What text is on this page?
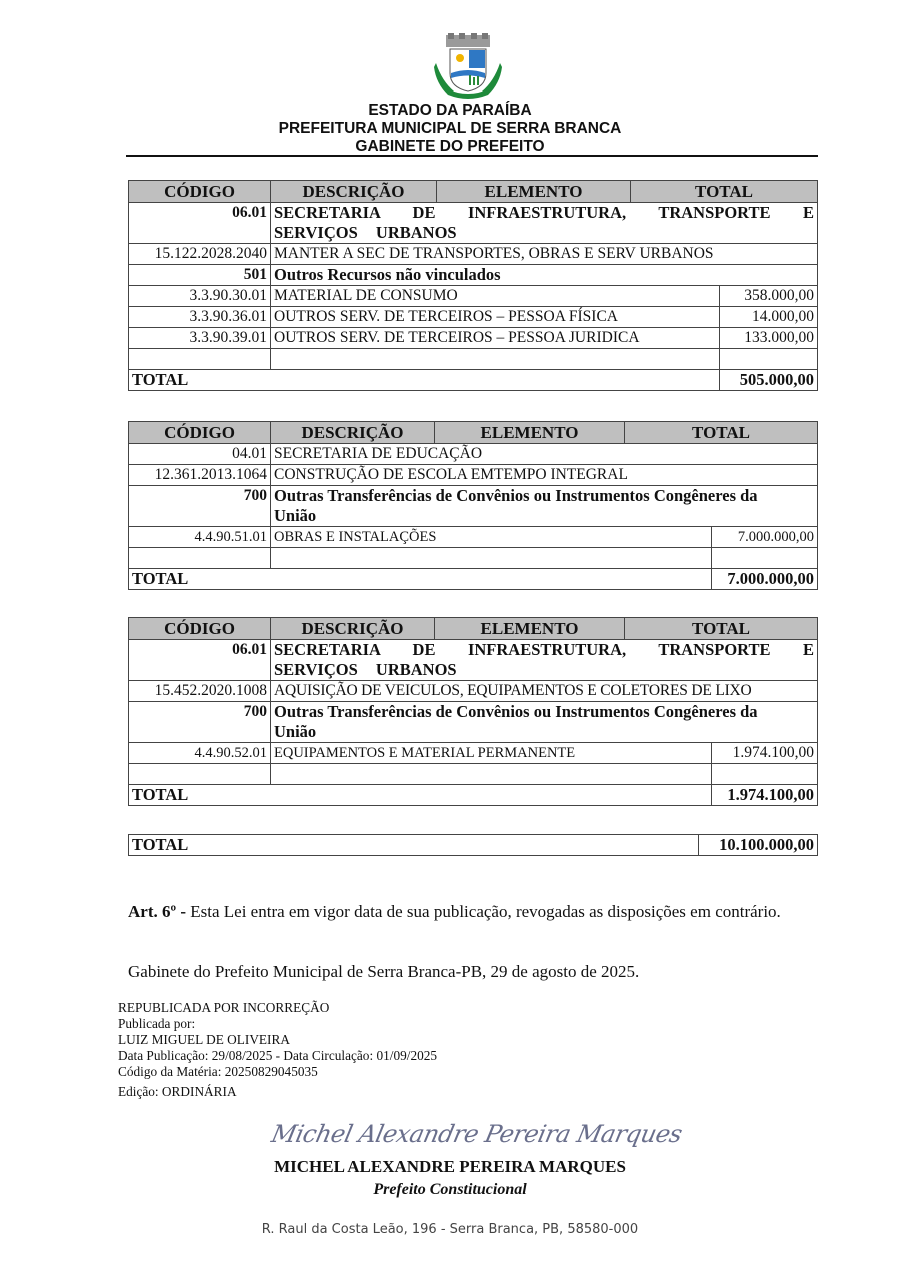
ESTADO DA PARAÍBA
PREFEITURA MUNICIPAL DE SERRA BRANCA
GABINETE DO PREFEITO
CÓDIGO	DESCRIÇÃO	ELEMENTO	TOTAL	
06.01	SECRETARIA DE INFRAESTRUTURA, TRANSPORTE E SERVIÇOS URBANOS			
15.122.2028.2040	MANTER A SEC DE TRANSPORTES, OBRAS E SERV URBANOS			
501	Outros Recursos não vinculados			
3.3.90.30.01	MATERIAL DE CONSUMO			358.000,00
3.3.90.36.01	OUTROS SERV. DE TERCEIROS – PESSOA FÍSICA			14.000,00
3.3.90.39.01	OUTROS SERV. DE TERCEIROS – PESSOA JURIDICA			133.000,00

TOTAL				505.000,00
CÓDIGO	DESCRIÇÃO	ELEMENTO	TOTAL	
04.01	SECRETARIA DE EDUCAÇÃO			
12.361.2013.1064	CONSTRUÇÃO DE ESCOLA EMTEMPO INTEGRAL			
700	Outras Transferências de Convênios ou Instrumentos Congêneres da União			
4.4.90.51.01	OBRAS E INSTALAÇÕES			7.000.000,00

TOTAL				7.000.000,00
CÓDIGO	DESCRIÇÃO	ELEMENTO	TOTAL	
06.01	SECRETARIA DE INFRAESTRUTURA, TRANSPORTE E SERVIÇOS URBANOS			
15.452.2020.1008	AQUISIÇÃO DE VEICULOS, EQUIPAMENTOS E COLETORES DE LIXO			
700	Outras Transferências de Convênios ou Instrumentos Congêneres da União			
4.4.90.52.01	EQUIPAMENTOS E MATERIAL PERMANENTE			1.974.100,00

TOTAL				1.974.100,00
TOTAL	10.100.000,00
Art. 6º - Esta Lei entra em vigor data de sua publicação, revogadas as disposições em contrário.
Gabinete do Prefeito Municipal de Serra Branca-PB, 29 de agosto de 2025.
REPUBLICADA POR INCORREÇÃO
Publicada por:
LUIZ MIGUEL DE OLIVEIRA
Data Publicação: 29/08/2025 - Data Circulação: 01/09/2025
Código da Matéria: 20250829045035
Edição: ORDINÁRIA
Michel Alexandre Pereira Marques
MICHEL ALEXANDRE PEREIRA MARQUES
Prefeito Constitucional
R. Raul da Costa Leão, 196 - Serra Branca, PB, 58580-000
